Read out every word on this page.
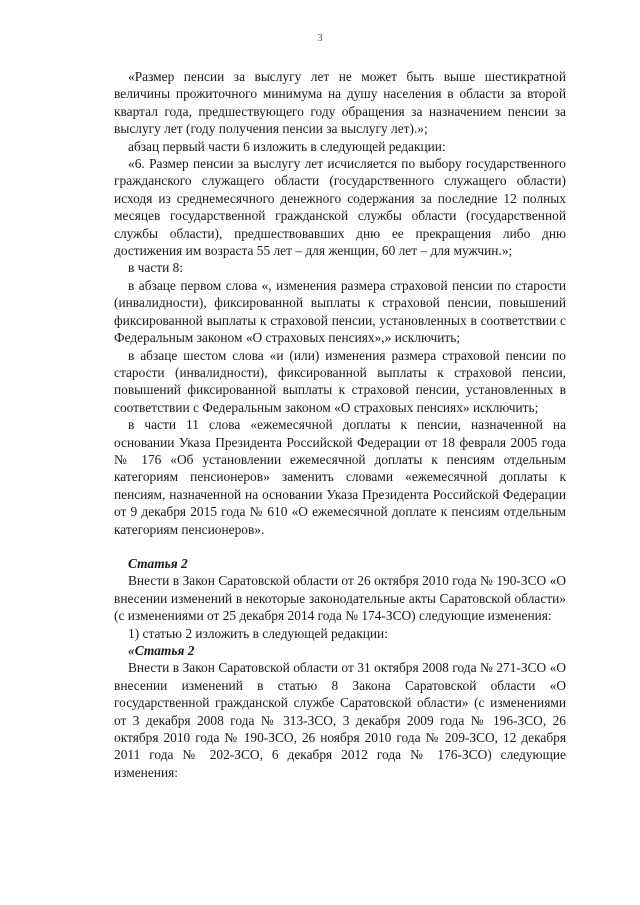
3

«Размер пенсии за выслугу лет не может быть выше шестикратной величины прожиточного минимума на душу населения в области за второй квартал года, предшествующего году обращения за назначением пенсии за выслугу лет (году получения пенсии за выслугу лет).»;

абзац первый части 6 изложить в следующей редакции:

«6. Размер пенсии за выслугу лет исчисляется по выбору государственного гражданского служащего области (государственного служащего области) исходя из среднемесячного денежного содержания за последние 12 полных месяцев государственной гражданской службы области (государственной службы области), предшествовавших дню ее прекращения либо дню достижения им возраста 55 лет – для женщин, 60 лет – для мужчин.»;

в части 8:

в абзаце первом слова «, изменения размера страховой пенсии по старости (инвалидности), фиксированной выплаты к страховой пенсии, повышений фиксированной выплаты к страховой пенсии, установленных в соответствии с Федеральным законом «О страховых пенсиях»,» исключить;

в абзаце шестом слова «и (или) изменения размера страховой пенсии по старости (инвалидности), фиксированной выплаты к страховой пенсии, повышений фиксированной выплаты к страховой пенсии, установленных в соответствии с Федеральным законом «О страховых пенсиях» исключить;

в части 11 слова «ежемесячной доплаты к пенсии, назначенной на основании Указа Президента Российской Федерации от 18 февраля 2005 года № 176 «Об установлении ежемесячной доплаты к пенсиям отдельным категориям пенсионеров» заменить словами «ежемесячной доплаты к пенсиям, назначенной на основании Указа Президента Российской Федерации от 9 декабря 2015 года № 610 «О ежемесячной доплате к пенсиям отдельным категориям пенсионеров».

Статья 2

Внести в Закон Саратовской области от 26 октября 2010 года № 190-ЗСО «О внесении изменений в некоторые законодательные акты Саратовской области» (с изменениями от 25 декабря 2014 года № 174-ЗСО) следующие изменения:

1) статью 2 изложить в следующей редакции:

«Статья 2

Внести в Закон Саратовской области от 31 октября 2008 года № 271-ЗСО «О внесении изменений в статью 8 Закона Саратовской области «О государственной гражданской службе Саратовской области» (с изменениями от 3 декабря 2008 года № 313-ЗСО, 3 декабря 2009 года № 196-ЗСО, 26 октября 2010 года № 190-ЗСО, 26 ноября 2010 года № 209-ЗСО, 12 декабря 2011 года № 202-ЗСО, 6 декабря 2012 года № 176-ЗСО) следующие изменения:
